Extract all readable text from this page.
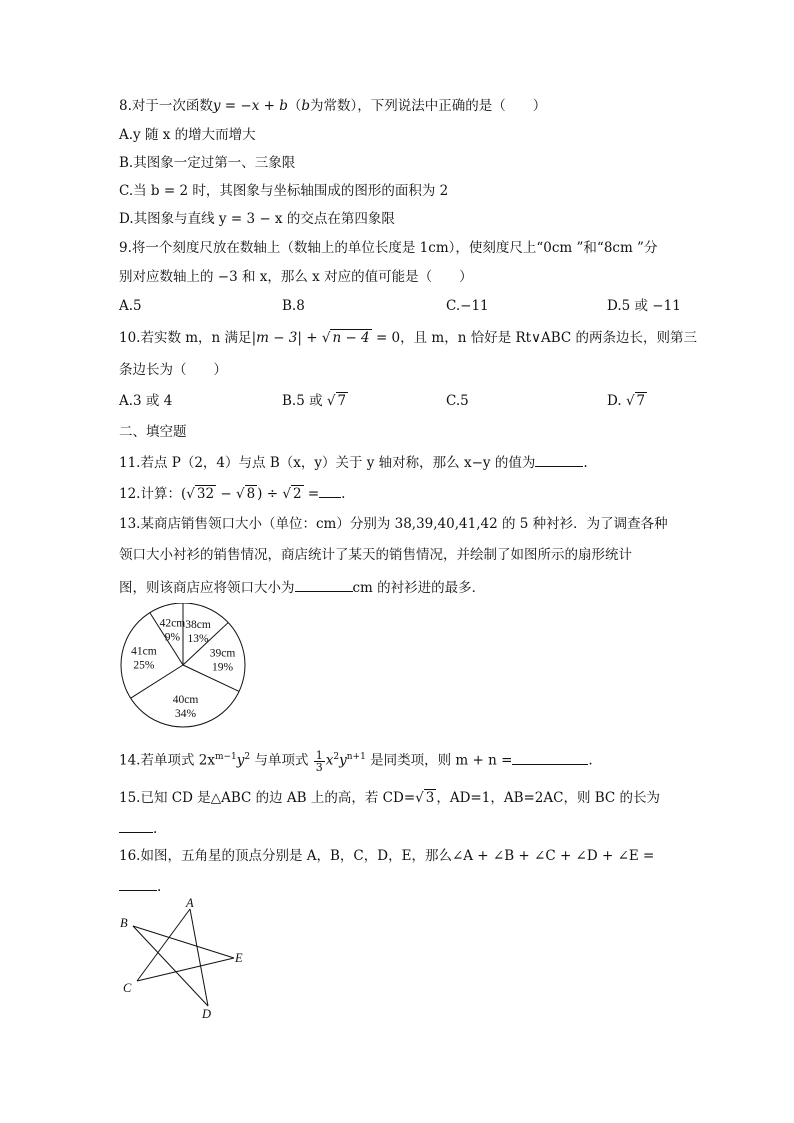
8.对于一次函数y = −x + b（b为常数），下列说法中正确的是（　　）
A.y 随 x 的增大而增大
B.其图象一定过第一、三象限
C.当 b = 2 时，其图象与坐标轴围成的图形的面积为 2
D.其图象与直线 y = 3 − x 的交点在第四象限
9.将一个刻度尺放在数轴上（数轴上的单位长度是 1cm），使刻度尺上“0cm ”和“8cm ”分
别对应数轴上的 −3 和 x，那么 x 对应的值可能是（　　）
A.5	B.8	C.−11	D.5 或 −11
10.若实数 m，n 满足|m − 3| + √ n − 4 = 0，且 m，n 恰好是 Rt∨ABC 的两条边长，则第三
条边长为（　　）
A.3 或 4	B.5 或 √ 7	C.5	D. √ 7
二、填空题
11.若点 P（2，4）与点 B（x，y）关于 y 轴对称，那么 x−y 的值为	.
12.计算：(√ 32 − √ 8 ) ÷ √ 2 = .
13.某商店销售领口大小（单位：cm）分别为 38,39,40,41,42 的 5 种衬衫．为了调查各种
领口大小衬衫的销售情况，商店统计了某天的销售情况，并绘制了如图所示的扇形统计
图，则该商店应将领口大小为	cm 的衬衫进的最多．
38cm
13%
39cm
19%
40cm
34%
41cm
25%
42cm
9%
14.若单项式 $2x^{m-1}y^2$ 与单项式 $\frac{1}{3} x^2y^{n+1}$ 是同类项，则 m + n =	.
15.已知 CD 是△ABC 的边 AB 上的高，若 CD=√ 3 ，AD=1，AB=2AC，则 BC 的长为
.
16.如图，五角星的顶点分别是 A，B，C，D，E，那么∠A + ∠B + ∠C + ∠D + ∠E =
.
A
B
C
D
E
